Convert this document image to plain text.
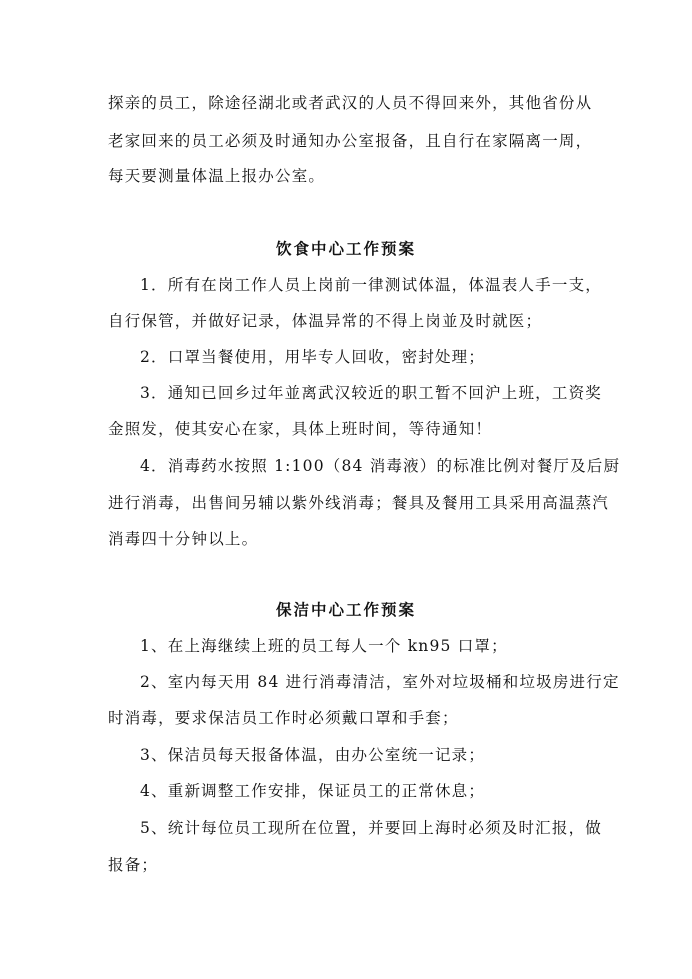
探亲的员工，除途径湖北或者武汉的人员不得回来外，其他省份从
老家回来的员工必须及时通知办公室报备，且自行在家隔离一周，
每天要测量体温上报办公室。
饮食中心工作预案
1．所有在岗工作人员上岗前一律测试体温，体温表人手一支，
自行保管，并做好记录，体温异常的不得上岗並及时就医；
2．口罩当餐使用，用毕专人回收，密封处理；
3．通知已回乡过年並离武汉较近的职工暂不回沪上班，工资奖
金照发，使其安心在家，具体上班时间，等待通知！
4．消毒药水按照 1:100（84 消毒液）的标准比例对餐厅及后厨
进行消毒，出售间另辅以紫外线消毒；餐具及餐用工具采用高温蒸汽
消毒四十分钟以上。
保洁中心工作预案
1、在上海继续上班的员工每人一个 kn95 口罩；
2、室内每天用 84 进行消毒清洁，室外对垃圾桶和垃圾房进行定
时消毒，要求保洁员工作时必须戴口罩和手套；
3、保洁员每天报备体温，由办公室统一记录；
4、重新调整工作安排，保证员工的正常休息；
5、统计每位员工现所在位置，并要回上海时必须及时汇报，做
报备；
